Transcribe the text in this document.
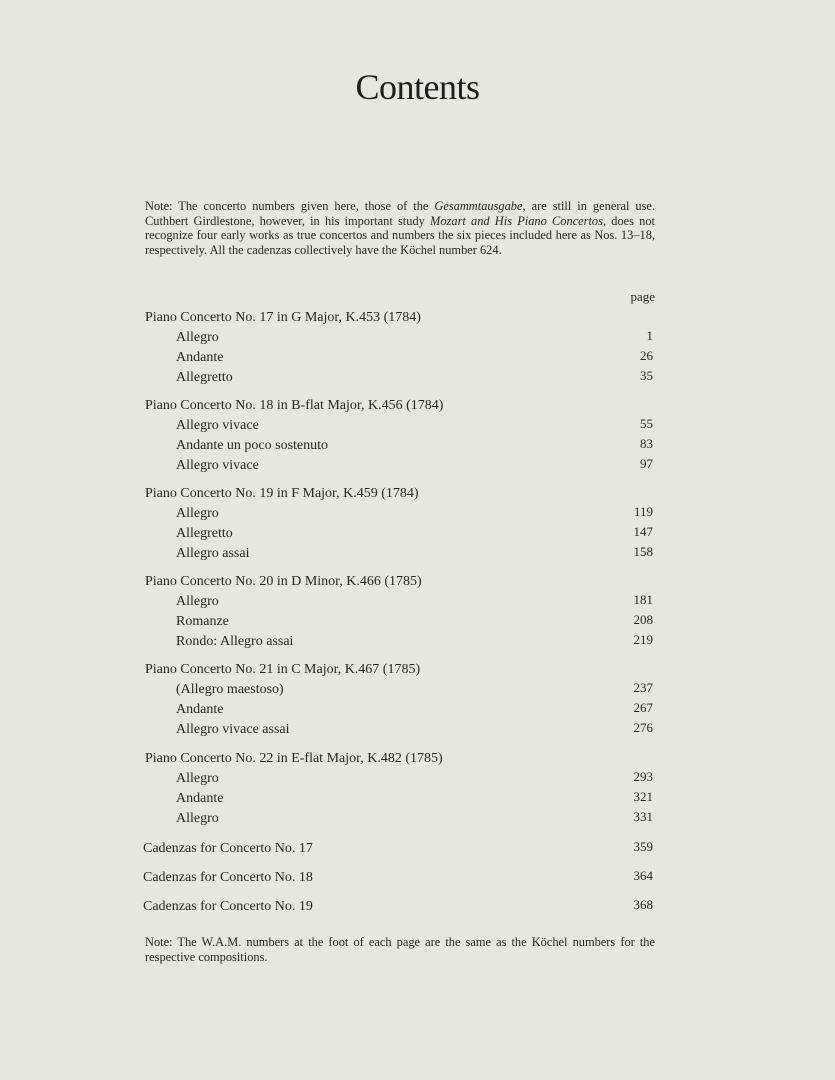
Contents
Note: The concerto numbers given here, those of the Gesammtausgabe, are still in general use. Cuthbert Girdlestone, however, in his important study Mozart and His Piano Concertos, does not recognize four early works as true concertos and numbers the six pieces included here as Nos. 13–18, respectively. All the cadenzas collectively have the Köchel number 624.
page
Piano Concerto No. 17 in G Major, K.453 (1784)
Allegro	1
Andante	26
Allegretto	35
Piano Concerto No. 18 in B-flat Major, K.456 (1784)
Allegro vivace	55
Andante un poco sostenuto	83
Allegro vivace	97
Piano Concerto No. 19 in F Major, K.459 (1784)
Allegro	119
Allegretto	147
Allegro assai	158
Piano Concerto No. 20 in D Minor, K.466 (1785)
Allegro	181
Romanze	208
Rondo: Allegro assai	219
Piano Concerto No. 21 in C Major, K.467 (1785)
(Allegro maestoso)	237
Andante	267
Allegro vivace assai	276
Piano Concerto No. 22 in E-flat Major, K.482 (1785)
Allegro	293
Andante	321
Allegro	331
Cadenzas for Concerto No. 17	359
Cadenzas for Concerto No. 18	364
Cadenzas for Concerto No. 19	368
Note: The W.A.M. numbers at the foot of each page are the same as the Köchel numbers for the respective compositions.
